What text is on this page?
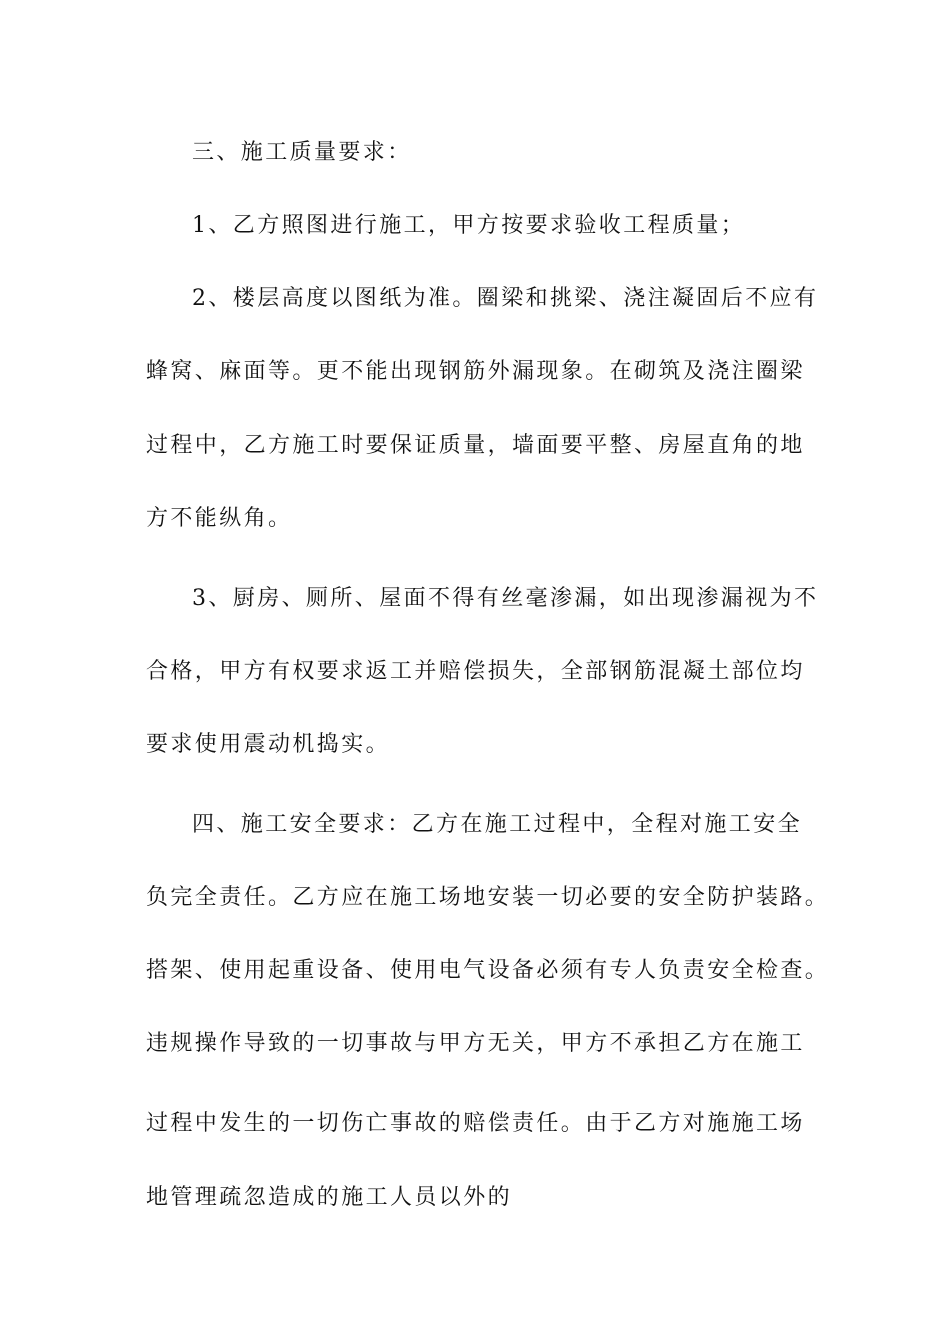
三、施工质量要求：

1、乙方照图进行施工，甲方按要求验收工程质量；

2、楼层高度以图纸为准。圈梁和挑梁、浇注凝固后不应有

蜂窝、麻面等。更不能出现钢筋外漏现象。在砌筑及浇注圈梁

过程中，乙方施工时要保证质量，墙面要平整、房屋直角的地

方不能纵角。

3、厨房、厕所、屋面不得有丝毫渗漏，如出现渗漏视为不

合格，甲方有权要求返工并赔偿损失，全部钢筋混凝土部位均

要求使用震动机捣实。

四、施工安全要求：乙方在施工过程中，全程对施工安全

负完全责任。乙方应在施工场地安装一切必要的安全防护装路。

搭架、使用起重设备、使用电气设备必须有专人负责安全检查。

违规操作导致的一切事故与甲方无关，甲方不承担乙方在施工

过程中发生的一切伤亡事故的赔偿责任。由于乙方对施施工场

地管理疏忽造成的施工人员以外的
